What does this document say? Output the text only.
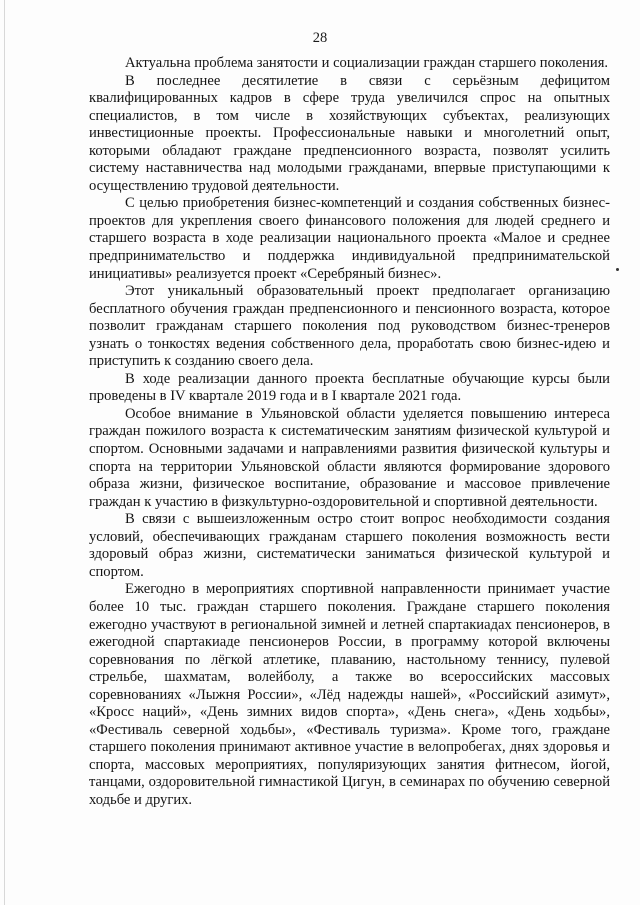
28

Актуальна проблема занятости и социализации граждан старшего поколения.

В последнее десятилетие в связи с серьёзным дефицитом квалифицированных кадров в сфере труда увеличился спрос на опытных специалистов, в том числе в хозяйствующих субъектах, реализующих инвестиционные проекты. Профессиональные навыки и многолетний опыт, которыми обладают граждане предпенсионного возраста, позволят усилить систему наставничества над молодыми гражданами, впервые приступающими к осуществлению трудовой деятельности.

С целью приобретения бизнес-компетенций и создания собственных бизнес-проектов для укрепления своего финансового положения для людей среднего и старшего возраста в ходе реализации национального проекта «Малое и среднее предпринимательство и поддержка индивидуальной предпринимательской инициативы» реализуется проект «Серебряный бизнес».

Этот уникальный образовательный проект предполагает организацию бесплатного обучения граждан предпенсионного и пенсионного возраста, которое позволит гражданам старшего поколения под руководством бизнес-тренеров узнать о тонкостях ведения собственного дела, проработать свою бизнес-идею и приступить к созданию своего дела.

В ходе реализации данного проекта бесплатные обучающие курсы были проведены в IV квартале 2019 года и в I квартале 2021 года.

Особое внимание в Ульяновской области уделяется повышению интереса граждан пожилого возраста к систематическим занятиям физической культурой и спортом. Основными задачами и направлениями развития физической культуры и спорта на территории Ульяновской области являются формирование здорового образа жизни, физическое воспитание, образование и массовое привлечение граждан к участию в физкультурно-оздоровительной и спортивной деятельности.

В связи с вышеизложенным остро стоит вопрос необходимости создания условий, обеспечивающих гражданам старшего поколения возможность вести здоровый образ жизни, систематически заниматься физической культурой и спортом.

Ежегодно в мероприятиях спортивной направленности принимает участие более 10 тыс. граждан старшего поколения. Граждане старшего поколения ежегодно участвуют в региональной зимней и летней спартакиадах пенсионеров, в ежегодной спартакиаде пенсионеров России, в программу которой включены соревнования по лёгкой атлетике, плаванию, настольному теннису, пулевой стрельбе, шахматам, волейболу, а также во всероссийских массовых соревнованиях «Лыжня России», «Лёд надежды нашей», «Российский азимут», «Кросс наций», «День зимних видов спорта», «День снега», «День ходьбы», «Фестиваль северной ходьбы», «Фестиваль туризма». Кроме того, граждане старшего поколения принимают активное участие в велопробегах, днях здоровья и спорта, массовых мероприятиях, популяризующих занятия фитнесом, йогой, танцами, оздоровительной гимнастикой Цигун, в семинарах по обучению северной ходьбе и других.
